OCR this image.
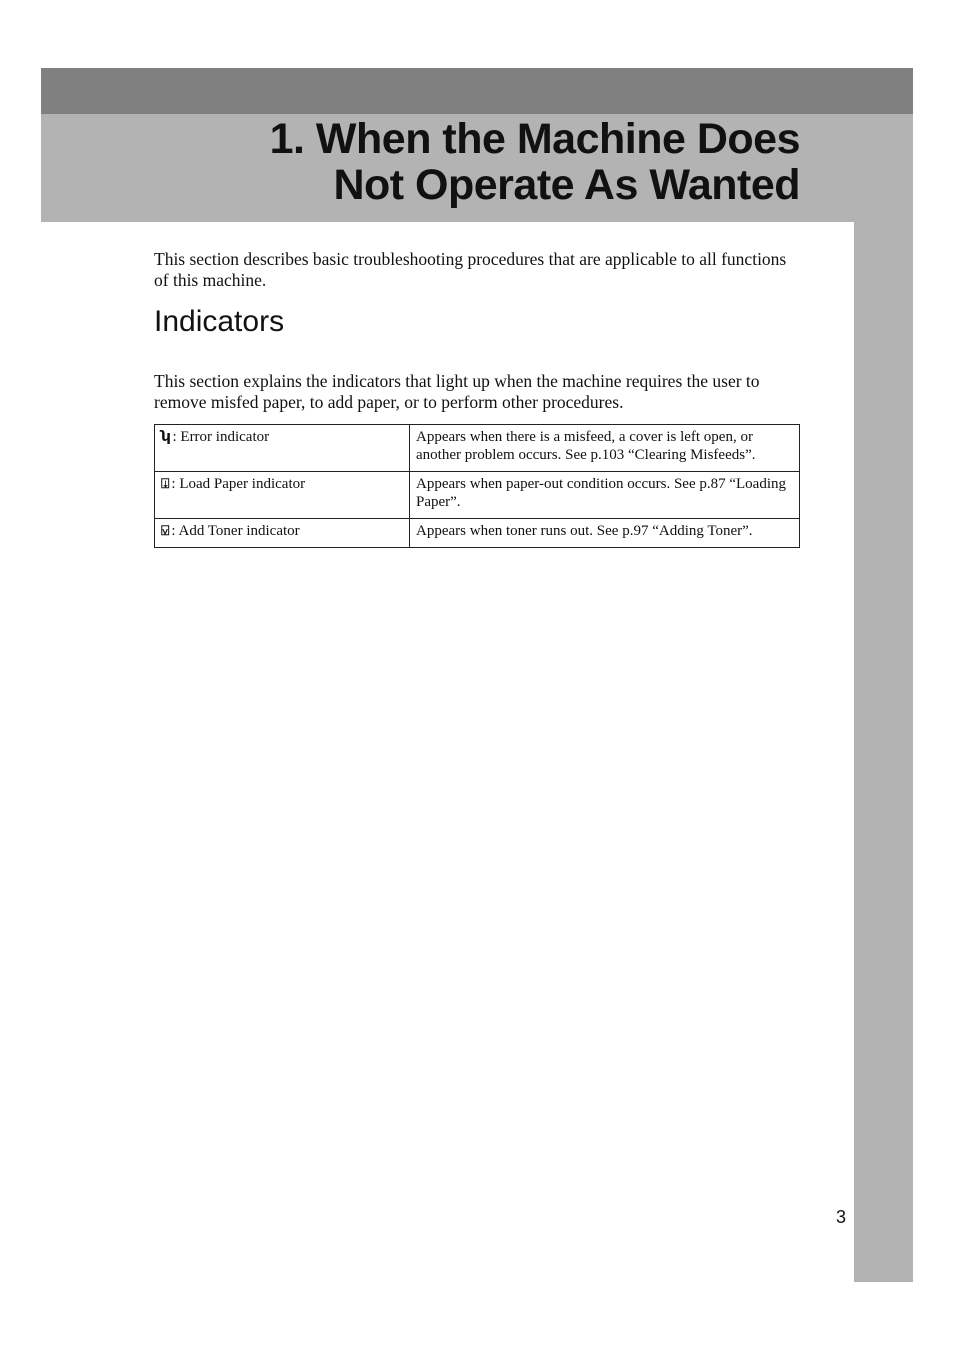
1. When the Machine Does
Not Operate As Wanted

This section describes basic troubleshooting procedures that are applicable to all functions of this machine.

Indicators

This section explains the indicators that light up when the machine requires the user to remove misfed paper, to add paper, or to perform other procedures.

ʮ : Error indicator	Appears when there is a misfeed, a cover is left open, or another problem occurs. See p.103 “Clearing Misfeeds”.
⍗ : Load Paper indicator	Appears when paper-out condition occurs. See p.87 “Loading Paper”.
⍌ : Add Toner indicator	Appears when toner runs out. See p.97 “Adding Toner”.
3
